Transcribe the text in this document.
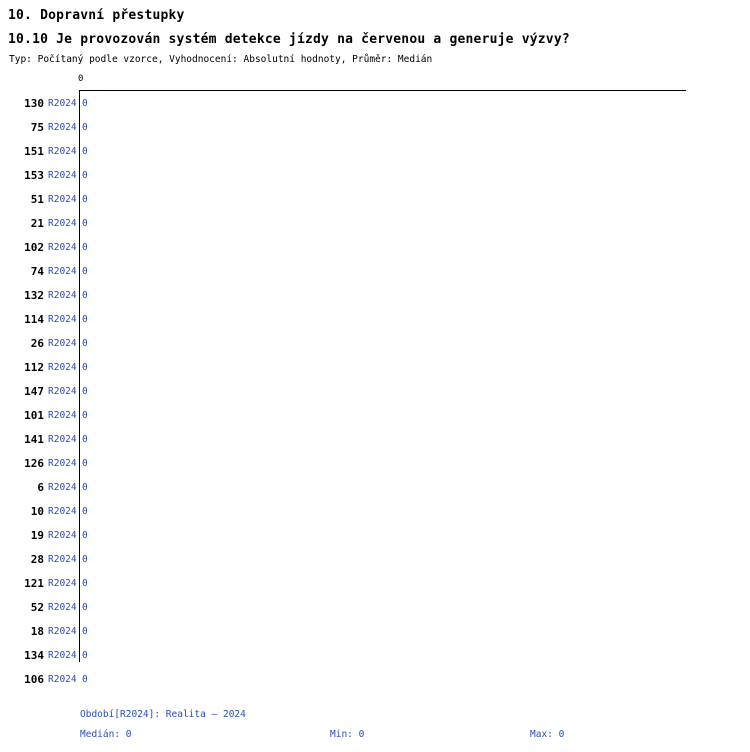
10. Dopravní přestupky
10.10 Je provozován systém detekce jízdy na červenou a generuje výzvy?
Typ: Počítaný podle vzorce, Vyhodnocení: Absolutní hodnoty, Průměr: Medián
0
130 R2024 0
75 R2024 0
151 R2024 0
153 R2024 0
51 R2024 0
21 R2024 0
102 R2024 0
74 R2024 0
132 R2024 0
114 R2024 0
26 R2024 0
112 R2024 0
147 R2024 0
101 R2024 0
141 R2024 0
126 R2024 0
6 R2024 0
10 R2024 0
19 R2024 0
28 R2024 0
121 R2024 0
52 R2024 0
18 R2024 0
134 R2024 0
106 R2024 0
Období[R2024]: Realita – 2024
Medián: 0	Min: 0	Max: 0
